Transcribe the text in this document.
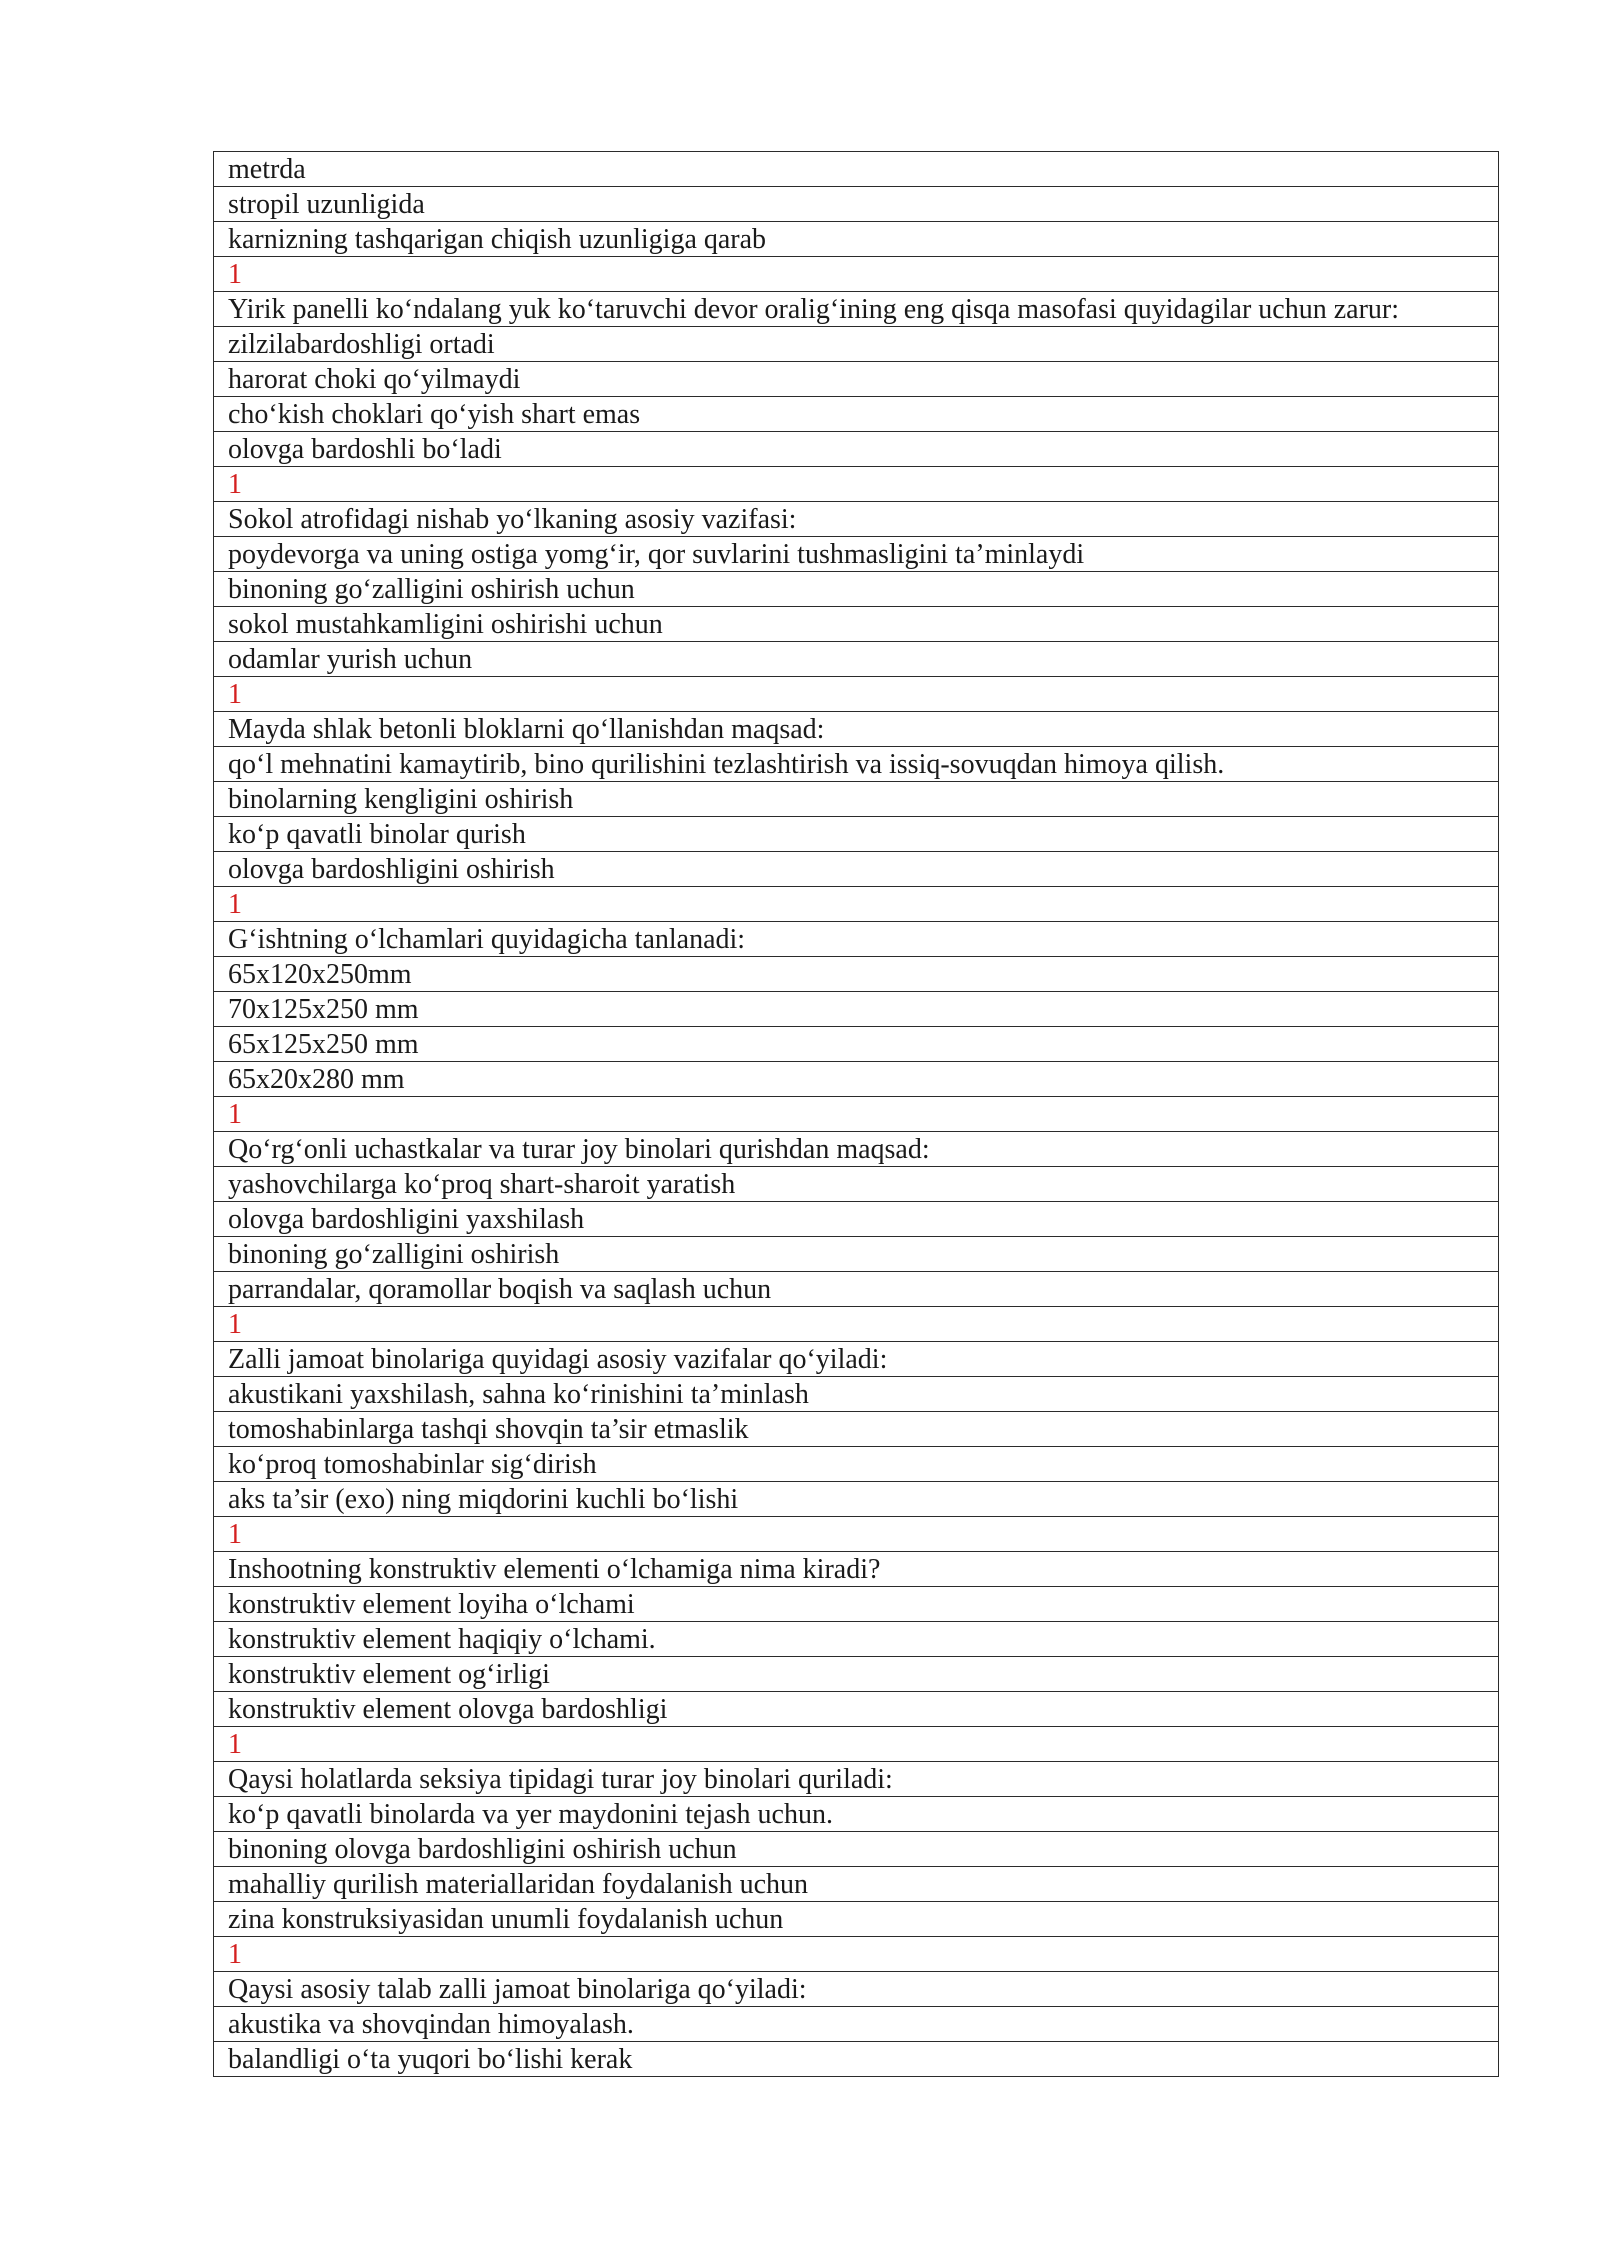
metrda
stropil uzunligida
karnizning tashqarigan chiqish uzunligiga qarab
1
Yirik panelli ko‘ndalang yuk ko‘taruvchi devor oralig‘ining eng qisqa masofasi quyidagilar uchun zarur:
zilzilabardoshligi ortadi
harorat choki qo‘yilmaydi
cho‘kish choklari qo‘yish shart emas
olovga bardoshli bo‘ladi
1
Sokol atrofidagi nishab yo‘lkaning asosiy vazifasi:
poydevorga va uning ostiga yomg‘ir, qor suvlarini tushmasligini ta’minlaydi
binoning go‘zalligini oshirish uchun
sokol mustahkamligini oshirishi uchun
odamlar yurish uchun
1
Mayda shlak betonli bloklarni qo‘llanishdan maqsad:
qo‘l mehnatini kamaytirib, bino qurilishini tezlashtirish va issiq-sovuqdan himoya qilish.
binolarning kengligini oshirish
ko‘p qavatli binolar qurish
olovga bardoshligini oshirish
1
G‘ishtning o‘lchamlari quyidagicha tanlanadi:
65x120x250mm
70x125x250 mm
65x125x250 mm
65x20x280 mm
1
Qo‘rg‘onli uchastkalar va turar joy binolari qurishdan maqsad:
yashovchilarga ko‘proq shart-sharoit yaratish
olovga bardoshligini yaxshilash
binoning go‘zalligini oshirish
parrandalar, qoramollar boqish va saqlash uchun
1
Zalli jamoat binolariga quyidagi asosiy vazifalar qo‘yiladi:
akustikani yaxshilash, sahna ko‘rinishini ta’minlash
tomoshabinlarga tashqi shovqin ta’sir etmaslik
ko‘proq tomoshabinlar sig‘dirish
aks ta’sir (exo) ning miqdorini kuchli bo‘lishi
1
Inshootning konstruktiv elementi o‘lchamiga nima kiradi?
konstruktiv element loyiha o‘lchami
konstruktiv element haqiqiy o‘lchami.
konstruktiv element og‘irligi
konstruktiv element olovga bardoshligi
1
Qaysi holatlarda seksiya tipidagi turar joy binolari quriladi:
ko‘p qavatli binolarda va yer maydonini tejash uchun.
binoning olovga bardoshligini oshirish uchun
mahalliy qurilish materiallaridan foydalanish uchun
zina konstruksiyasidan unumli foydalanish uchun
1
Qaysi asosiy talab zalli jamoat binolariga qo‘yiladi:
akustika va shovqindan himoyalash.
balandligi o‘ta yuqori bo‘lishi kerak
